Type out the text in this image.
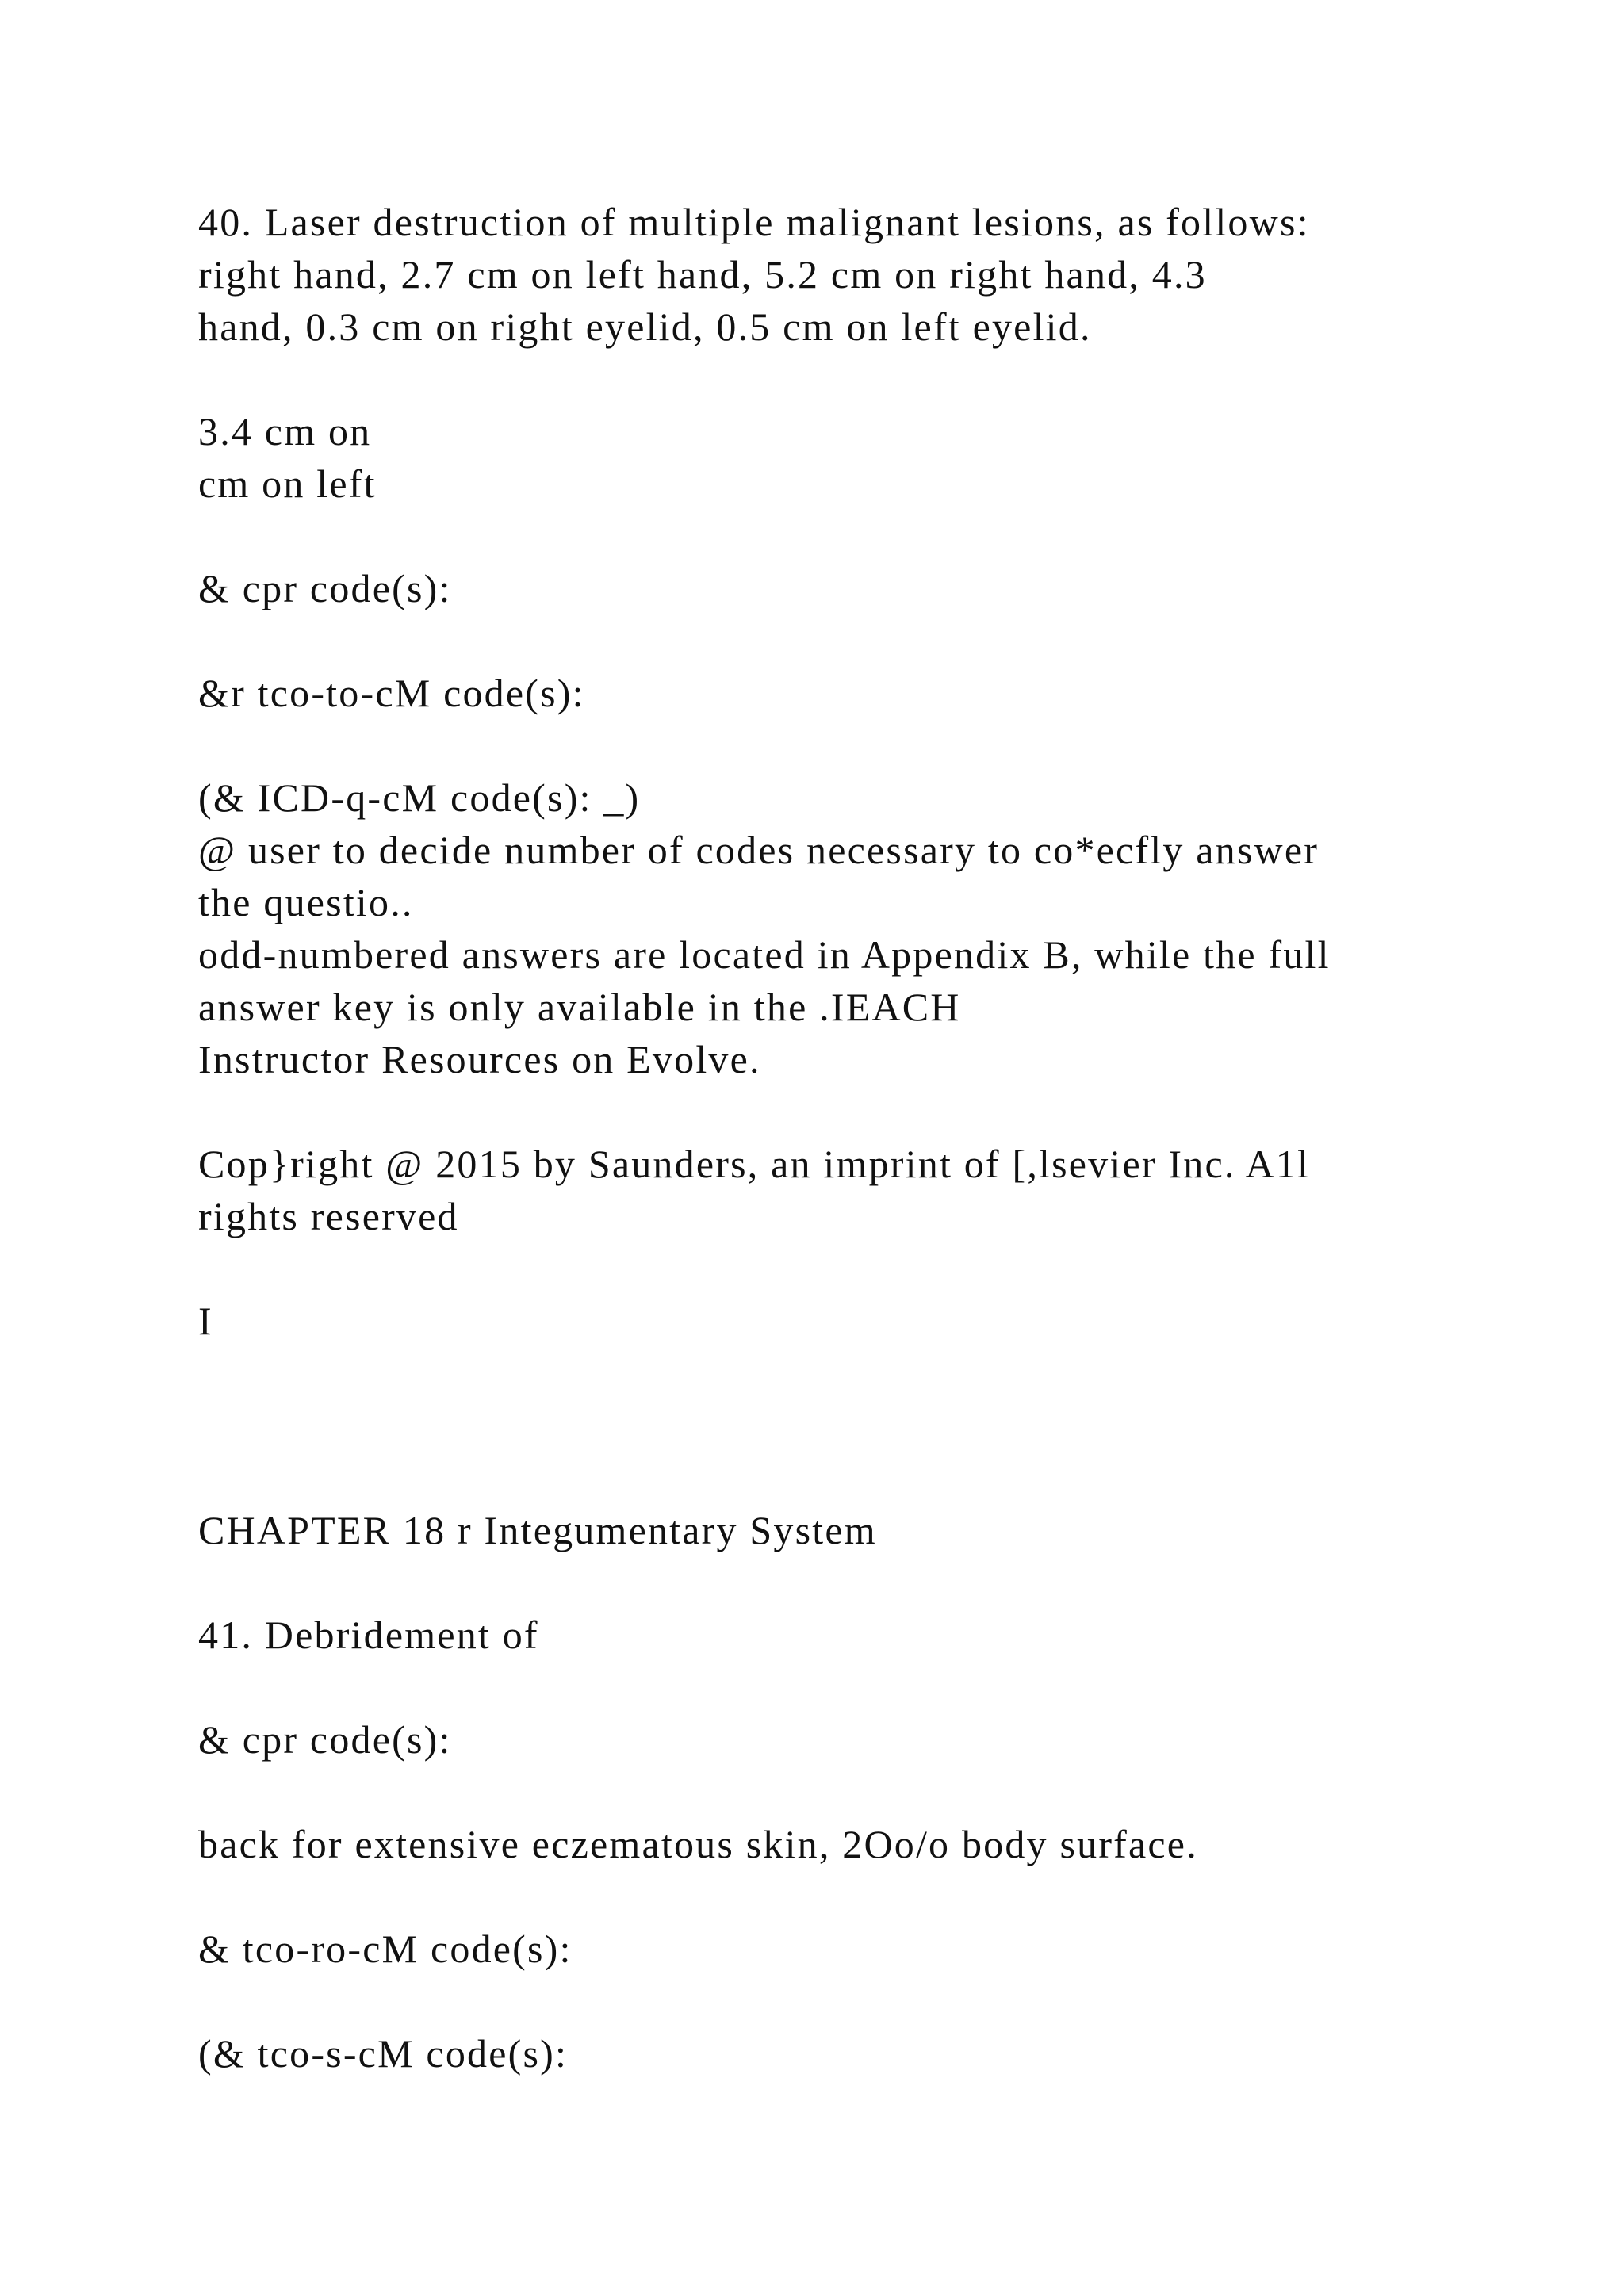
40. Laser destruction of multiple malignant lesions, as follows:
right hand, 2.7 cm on left hand, 5.2 cm on right hand, 4.3
hand, 0.3 cm on right eyelid, 0.5 cm on left eyelid.
3.4 cm on
cm on left
& cpr code(s):
&r tco-to-cM code(s):
(& ICD-q-cM code(s): _)
@ user to decide number of codes necessary to co*ecfly answer
the questio..
odd-numbered answers are located in Appendix B, while the full
answer key is only available in the .IEACH
Instructor Resources on Evolve.
Cop}right @ 2015 by Saunders, an imprint of [,lsevier Inc. A1l
rights reserved
I
CHAPTER 18 r Integumentary System
41. Debridement of
& cpr code(s):
back for extensive eczematous skin, 2Oo/o body surface.
& tco-ro-cM code(s):
(& tco-s-cM code(s):
